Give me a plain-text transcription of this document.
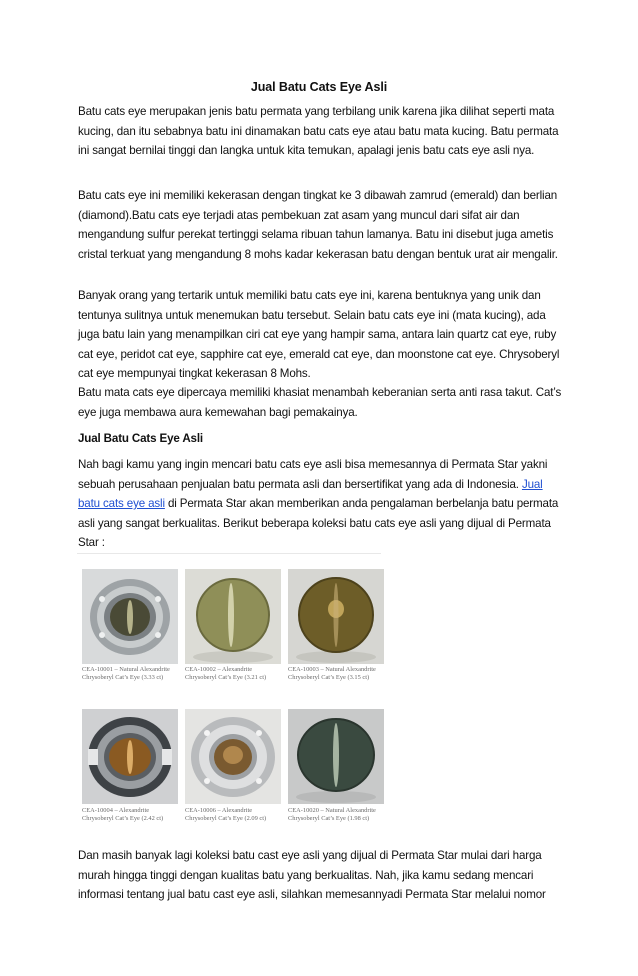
Jual Batu Cats Eye Asli

Batu cats eye merupakan jenis batu permata yang terbilang unik karena jika dilihat seperti mata kucing, dan itu sebabnya batu ini dinamakan batu cats eye atau batu mata kucing. Batu permata ini sangat bernilai tinggi dan langka untuk kita temukan, apalagi jenis batu cats eye asli nya.

Batu cats eye ini memiliki kekerasan dengan tingkat ke 3 dibawah zamrud (emerald) dan berlian (diamond).Batu cats eye terjadi atas pembekuan zat asam yang muncul dari sifat air dan mengandung sulfur perekat tertinggi selama ribuan tahun lamanya. Batu ini disebut juga ametis cristal terkuat yang mengandung 8 mohs kadar kekerasan batu dengan bentuk urat air mengalir.

Banyak orang yang tertarik untuk memiliki batu cats eye ini, karena bentuknya yang unik dan tentunya sulitnya untuk menemukan batu tersebut. Selain batu cats eye ini (mata kucing), ada juga batu lain yang menampilkan ciri cat eye yang hampir sama, antara lain quartz cat eye, ruby cat eye, peridot cat eye, sapphire cat eye, emerald cat eye, dan moonstone cat eye. Chrysoberyl cat eye mempunyai tingkat kekerasan 8 Mohs.

Batu mata cats eye dipercaya memiliki khasiat menambah keberanian serta anti rasa takut. Cat’s eye juga membawa aura kemewahan bagi pemakainya.

Jual Batu Cats Eye Asli

Nah bagi kamu yang ingin mencari batu cats eye asli bisa memesannya di Permata Star yakni sebuah perusahaan penjualan batu permata asli dan bersertifikat yang ada di Indonesia. Jual batu cats eye asli di Permata Star akan memberikan anda pengalaman berbelanja batu permata asli yang sangat berkualitas. Berikut beberapa koleksi batu cats eye asli yang dijual di Permata Star :

CEA-10001 – Natural Alexandrite Chrysoberyl Cat’s Eye (3.33 ct)
CEA-10002 – Alexandrite Chrysoberyl Cat’s Eye (3.21 ct)
CEA-10003 – Natural Alexandrite Chrysoberyl Cat’s Eye (3.15 ct)
CEA-10004 – Alexandrite Chrysoberyl Cat’s Eye (2.42 ct)
CEA-10006 – Alexandrite Chrysoberyl Cat’s Eye (2.09 ct)
CEA-10020 – Natural Alexandrite Chrysoberyl Cat’s Eye (1.98 ct)

Dan masih banyak lagi koleksi batu cast eye asli yang dijual di Permata Star mulai dari harga murah hingga tinggi dengan kualitas batu yang berkualitas. Nah, jika kamu sedang mencari informasi tentang jual batu cast eye asli, silahkan memesannyadi Permata Star melalui nomor
